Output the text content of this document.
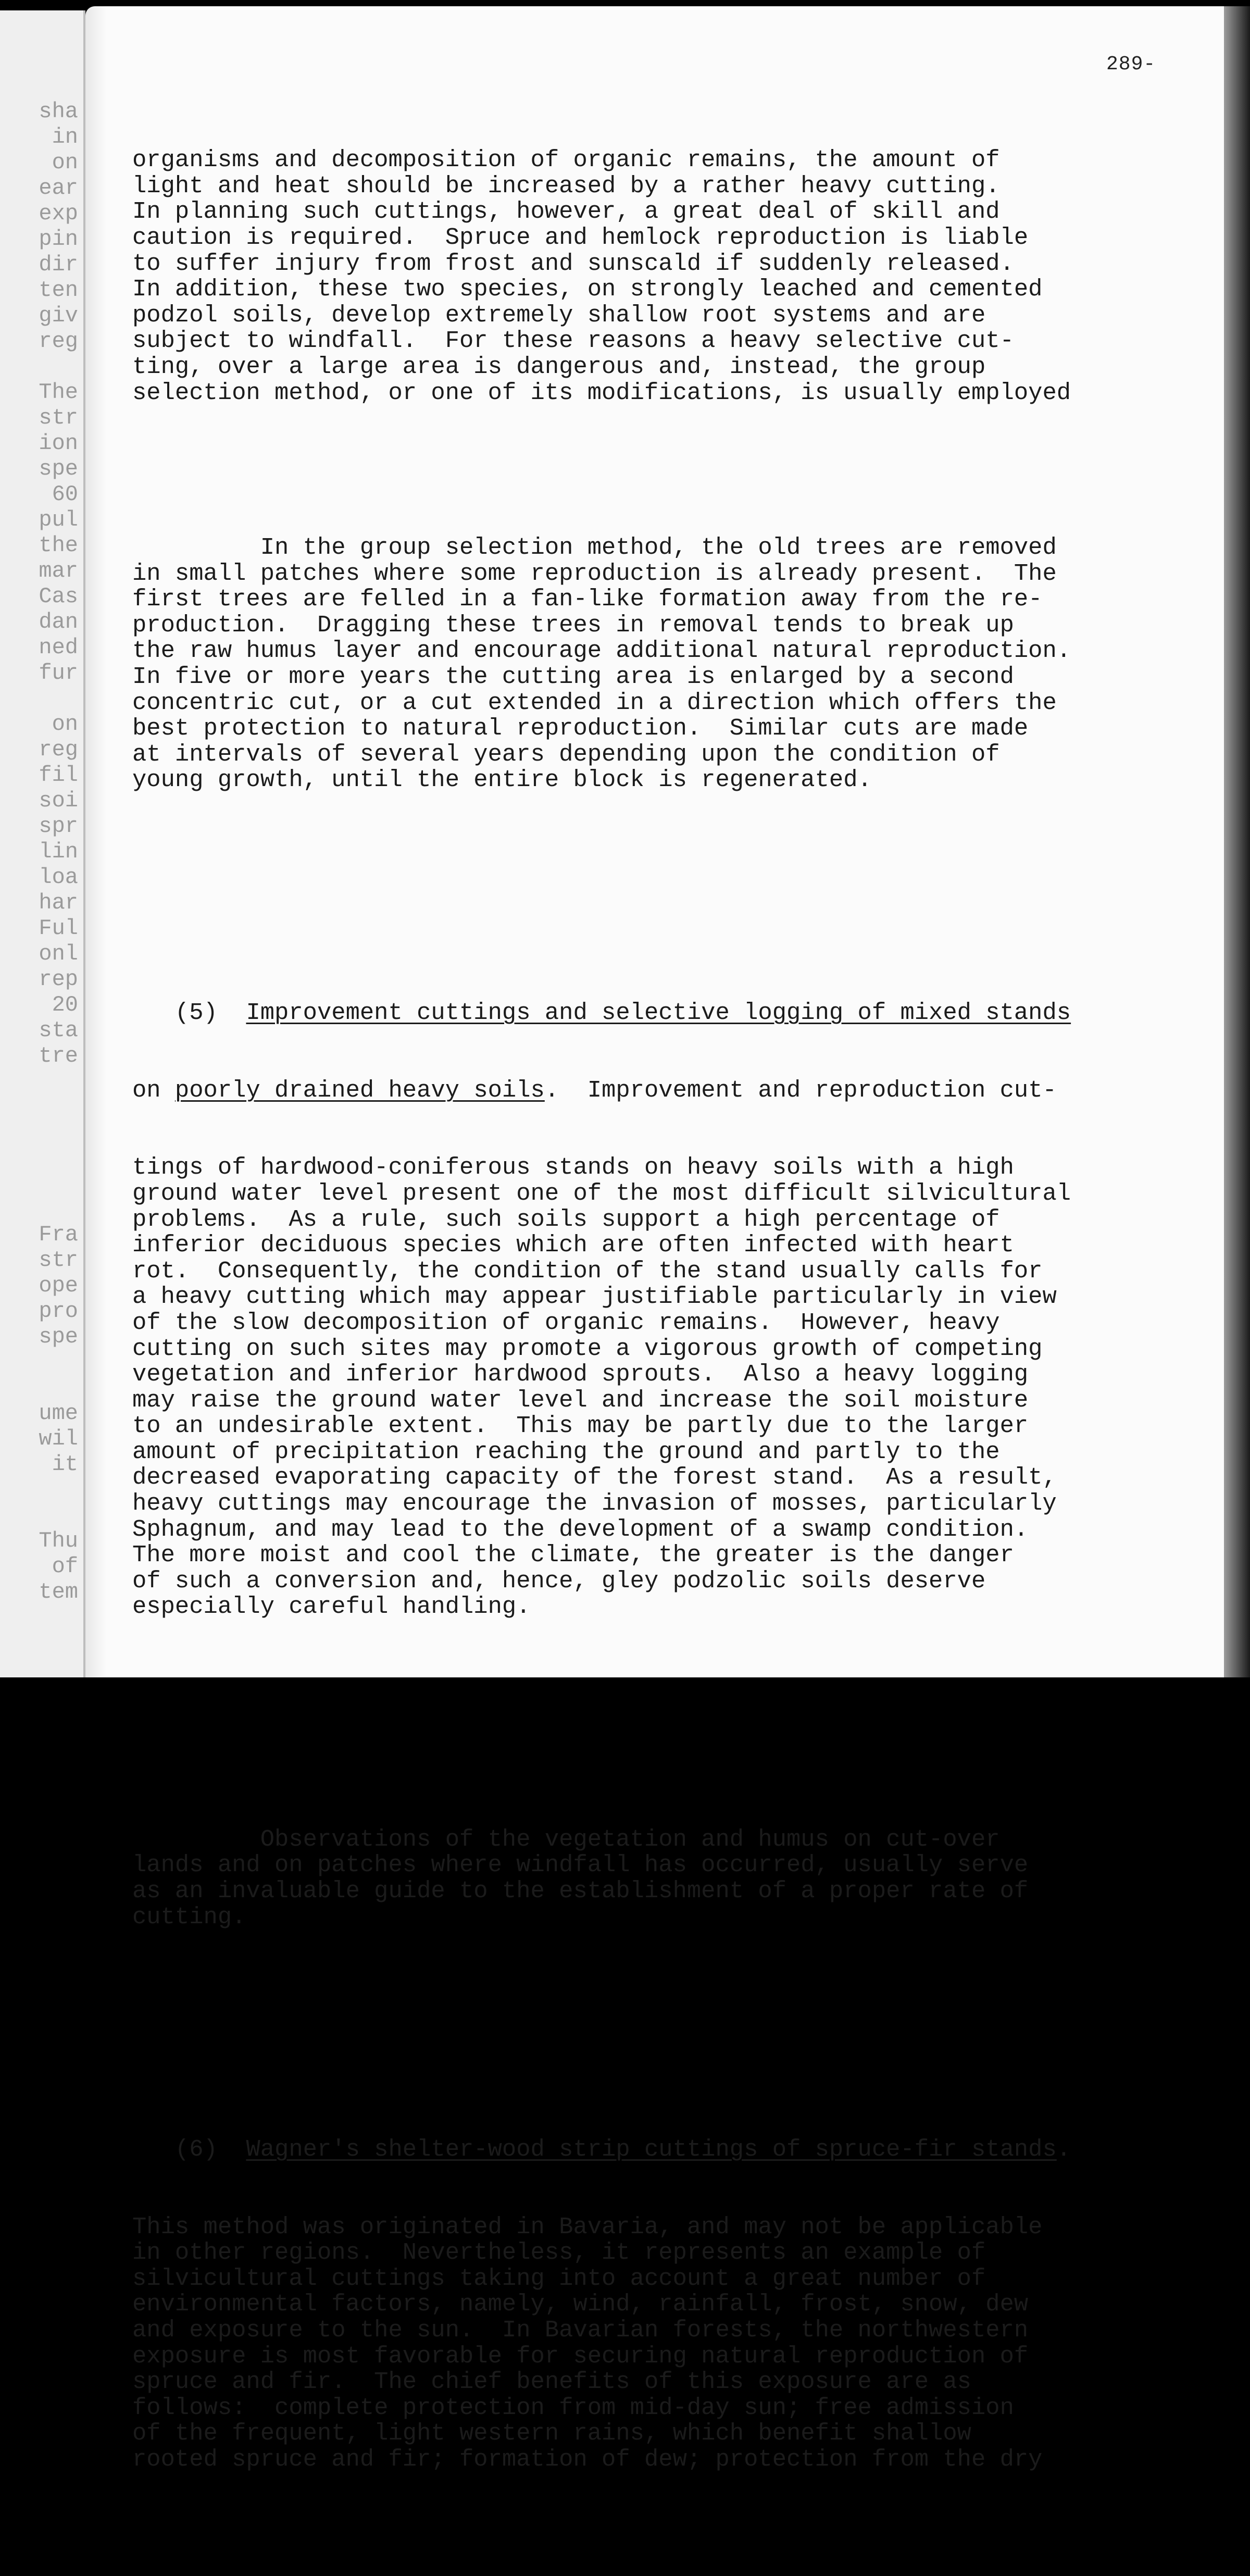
sha
in
on
ear
exp
pin
dir
ten
giv
reg

The
str
ion
spe
60
pul
the
mar
Cas
dan
ned
fur

on
reg
fil
soi
spr
lin
loa
har
Ful
onl
rep
20
sta
tre

Fra
str
ope
pro
spe

ume
wil
it

Thu
of
tem
289-

organisms and decomposition of organic remains, the amount of
light and heat should be increased by a rather heavy cutting.
In planning such cuttings, however, a great deal of skill and
caution is required.  Spruce and hemlock reproduction is liable
to suffer injury from frost and sunscald if suddenly released.
In addition, these two species, on strongly leached and cemented
podzol soils, develop extremely shallow root systems and are
subject to windfall.  For these reasons a heavy selective cut-
ting, over a large area is dangerous and, instead, the group
selection method, or one of its modifications, is usually employed

In the group selection method, the old trees are removed
in small patches where some reproduction is already present.  The
first trees are felled in a fan-like formation away from the re-
production.  Dragging these trees in removal tends to break up
the raw humus layer and encourage additional natural reproduction.
In five or more years the cutting area is enlarged by a second
concentric cut, or a cut extended in a direction which offers the
best protection to natural reproduction.  Similar cuts are made
at intervals of several years depending upon the condition of
young growth, until the entire block is regenerated.

(5) Improvement cuttings and selective logging of mixed stands

on poorly drained heavy soils.  Improvement and reproduction cut-

tings of hardwood-coniferous stands on heavy soils with a high
ground water level present one of the most difficult silvicultural
problems.  As a rule, such soils support a high percentage of
inferior deciduous species which are often infected with heart
rot.  Consequently, the condition of the stand usually calls for
a heavy cutting which may appear justifiable particularly in view
of the slow decomposition of organic remains.  However, heavy
cutting on such sites may promote a vigorous growth of competing
vegetation and inferior hardwood sprouts.  Also a heavy logging
may raise the ground water level and increase the soil moisture
to an undesirable extent.  This may be partly due to the larger
amount of precipitation reaching the ground and partly to the
decreased evaporating capacity of the forest stand.  As a result,
heavy cuttings may encourage the invasion of mosses, particularly
Sphagnum, and may lead to the development of a swamp condition.
The more moist and cool the climate, the greater is the danger
of such a conversion and, hence, gley podzolic soils deserve
especially careful handling.

Observations of the vegetation and humus on cut-over
lands and on patches where windfall has occurred, usually serve
as an invaluable guide to the establishment of a proper rate of
cutting.

(6) Wagner's shelter-wood strip cuttings of spruce-fir stands.

This method was originated in Bavaria, and may not be applicable
in other regions.  Nevertheless, it represents an example of
silvicultural cuttings taking into account a great number of
environmental factors, namely, wind, rainfall, frost, snow, dew
and exposure to the sun.  In Bavarian forests, the northwestern
exposure is most favorable for securing natural reproduction of
spruce and fir.  The chief benefits of this exposure are as
follows:  complete protection from mid-day sun; free admission
of the frequent, light western rains, which benefit shallow
rooted spruce and fir; formation of dew; protection from the dry
